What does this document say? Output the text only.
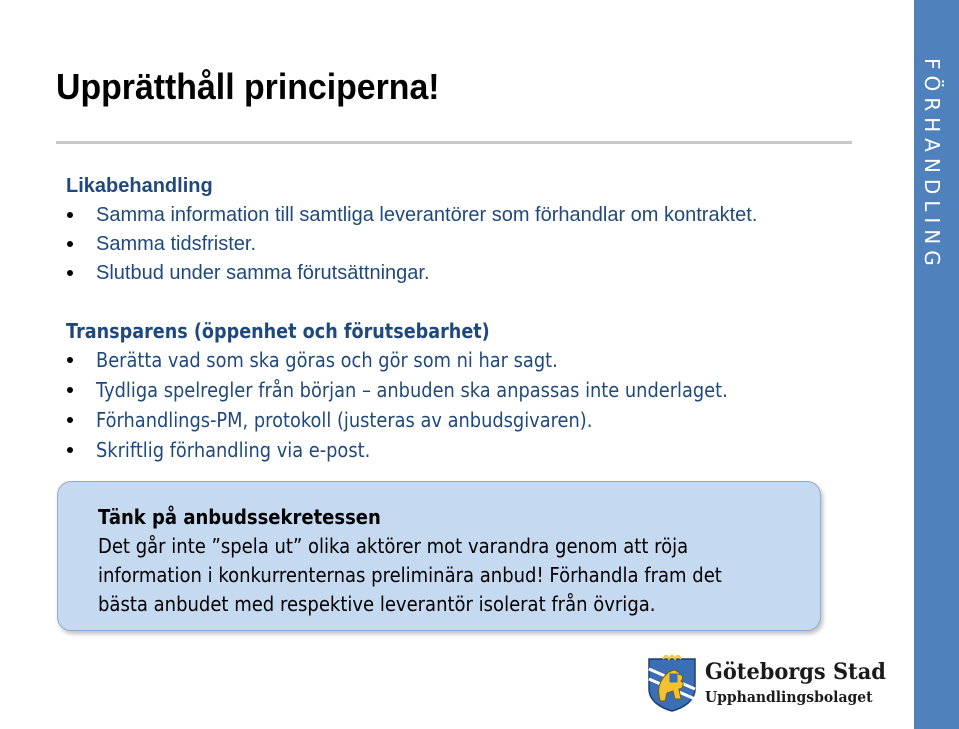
FÖRHANDLING
Upprätthåll principerna!
Likabehandling
Samma information till samtliga leverantörer som förhandlar om kontraktet.
Samma tidsfrister.
Slutbud under samma förutsättningar.
Transparens (öppenhet och förutsebarhet)
Berätta vad som ska göras och gör som ni har sagt.
Tydliga spelregler från början – anbuden ska anpassas inte underlaget.
Förhandlings-PM, protokoll (justeras av anbudsgivaren).
Skriftlig förhandling via e-post.
Tänk på anbudssekretessen
Det går inte ”spela ut” olika aktörer mot varandra genom att röja
information i konkurrenternas preliminära anbud! Förhandla fram det
bästa anbudet med respektive leverantör isolerat från övriga.
Göteborgs Stad
Upphandlingsbolaget
